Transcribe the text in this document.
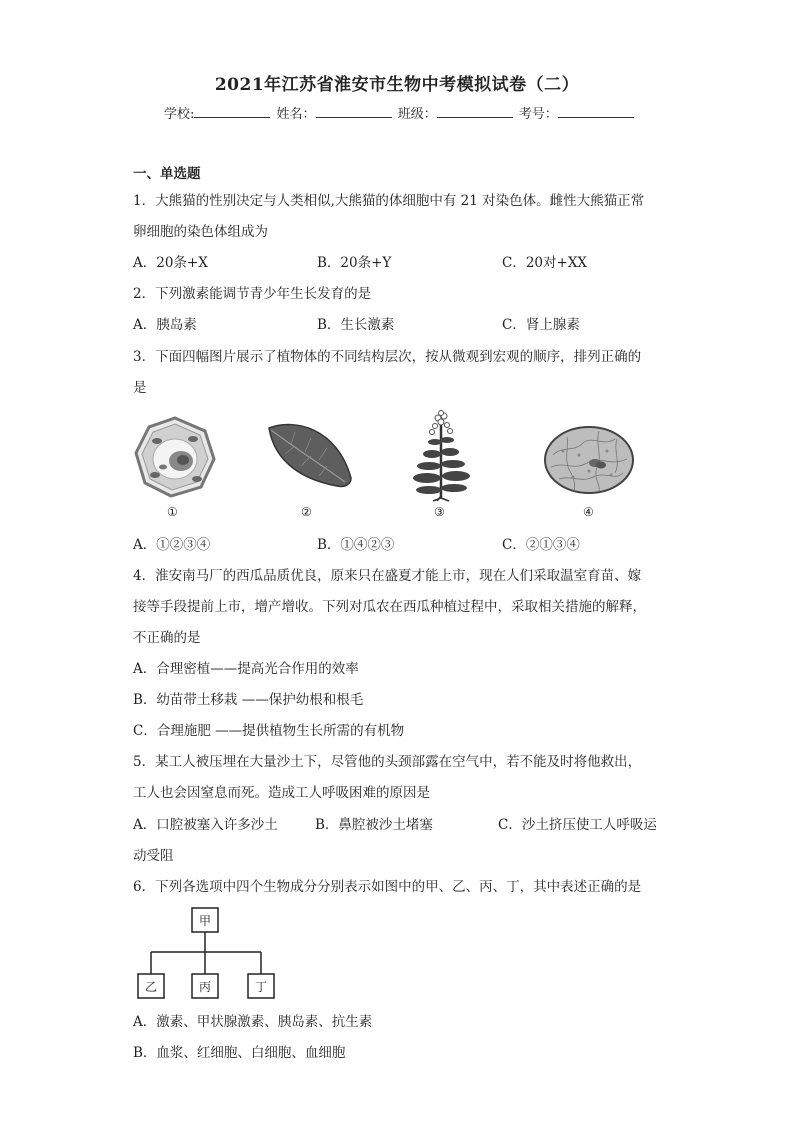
2021年江苏省淮安市生物中考模拟试卷（二）
学校:	姓名：	班级：	考号：
一、单选题
1．大熊猫的性别决定与人类相似,大熊猫的体细胞中有 21 对染色体。雌性大熊猫正常
卵细胞的染色体组成为
A．20条+X	B．20条+Y	C．20对+XX
2．下列激素能调节青少年生长发育的是
A．胰岛素	B．生长激素	C．肾上腺素
3．下面四幅图片展示了植物体的不同结构层次，按从微观到宏观的顺序，排列正确的
是
①	②	③	④
A．①②③④	B．①④②③	C．②①③④
4．淮安南马厂的西瓜品质优良，原来只在盛夏才能上市，现在人们采取温室育苗、嫁
接等手段提前上市，增产增收。下列对瓜农在西瓜种植过程中，采取相关措施的解释，
不正确的是
A．合理密植——提高光合作用的效率
B．幼苗带土移栽 ——保护幼根和根毛
C．合理施肥 ——提供植物生长所需的有机物
5．某工人被压埋在大量沙土下，尽管他的头颈部露在空气中，若不能及时将他救出，
工人也会因窒息而死。造成工人呼吸困难的原因是
A．口腔被塞入许多沙土	B．鼻腔被沙土堵塞	C．沙土挤压使工人呼吸运
动受阻
6．下列各选项中四个生物成分分别表示如图中的甲、乙、丙、丁，其中表述正确的是
甲
乙	丙	丁
A．激素、甲状腺激素、胰岛素、抗生素
B．血浆、红细胞、白细胞、血细胞
